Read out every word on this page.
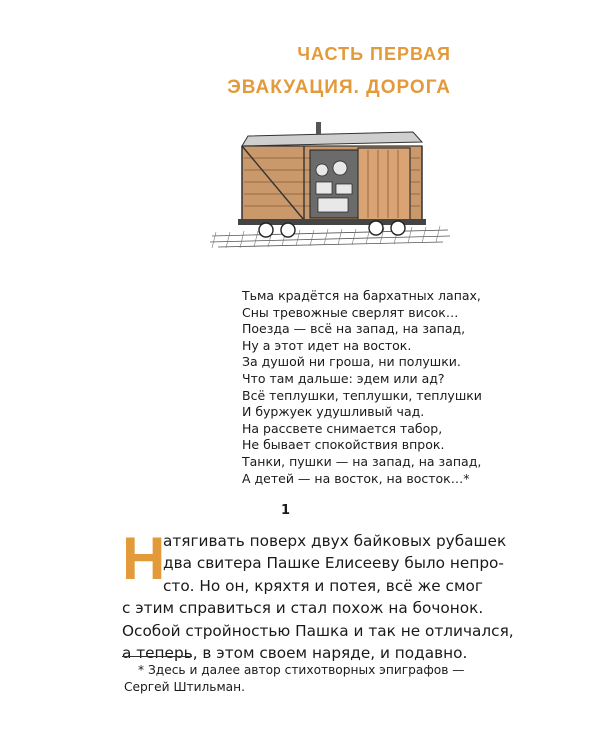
ЧАСТЬ ПЕРВАЯ
ЭВАКУАЦИЯ. ДОРОГА
Тьма крадётся на бархатных лапах,
Сны тревожные сверлят висок…
Поезда — всё на запад, на запад,
Ну а этот идет на восток.
За душой ни гроша, ни полушки.
Что там дальше: эдем или ад?
Всё теплушки, теплушки, теплушки
И буржуек удушливый чад.
На рассвете снимается табор,
Не бывает спокойствия впрок.
Танки, пушки — на запад, на запад,
А детей — на восток, на восток…*
1
Н
атягивать поверх двух байковых рубашек
два свитера Пашке Елисееву было непро-
сто. Но он, кряхтя и потея, всё же смог
с этим справиться и стал похож на бочонок.
Особой стройностью Пашка и так не отличался,
а теперь, в этом своем наряде, и подавно.
* Здесь и далее автор стихотворных эпиграфов —
Сергей Штильман.
